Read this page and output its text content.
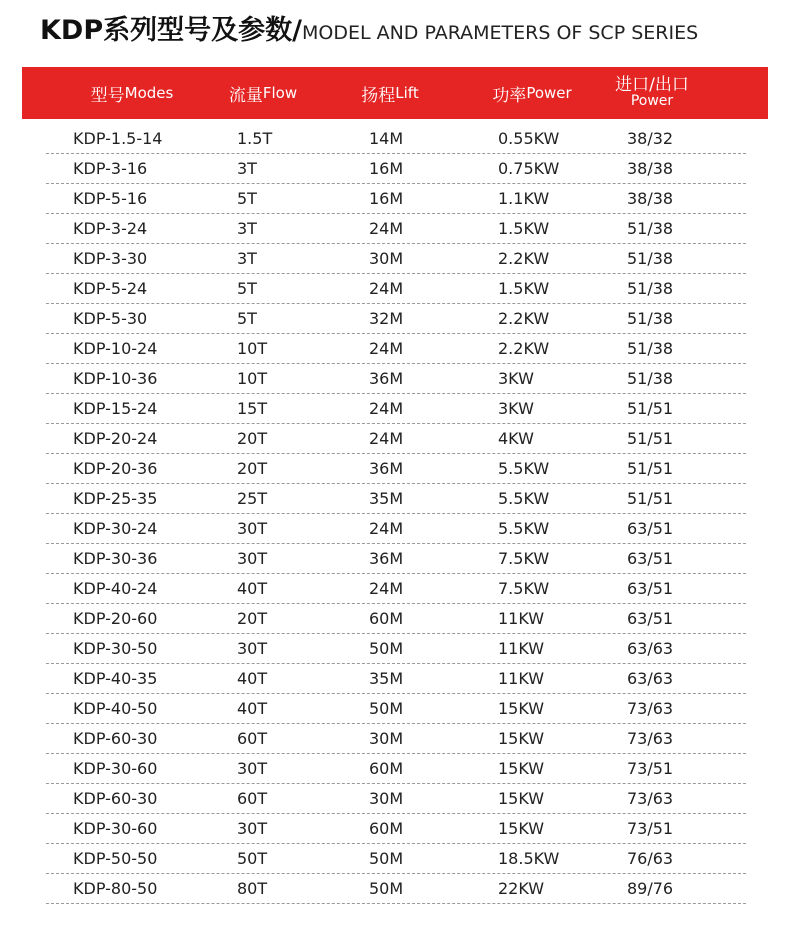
KDP系列型号及参数/ MODEL AND PARAMETERS OF SCP SERIES
型号 Modes	流量 Flow	扬程 Lift	功率 Power	进口/出口
Power
KDP-1.5-14	1.5T	14M	0.55KW	38/32
KDP-3-16	3T	16M	0.75KW	38/38
KDP-5-16	5T	16M	1.1KW	38/38
KDP-3-24	3T	24M	1.5KW	51/38
KDP-3-30	3T	30M	2.2KW	51/38
KDP-5-24	5T	24M	1.5KW	51/38
KDP-5-30	5T	32M	2.2KW	51/38
KDP-10-24	10T	24M	2.2KW	51/38
KDP-10-36	10T	36M	3KW	51/38
KDP-15-24	15T	24M	3KW	51/51
KDP-20-24	20T	24M	4KW	51/51
KDP-20-36	20T	36M	5.5KW	51/51
KDP-25-35	25T	35M	5.5KW	51/51
KDP-30-24	30T	24M	5.5KW	63/51
KDP-30-36	30T	36M	7.5KW	63/51
KDP-40-24	40T	24M	7.5KW	63/51
KDP-20-60	20T	60M	11KW	63/51
KDP-30-50	30T	50M	11KW	63/63
KDP-40-35	40T	35M	11KW	63/63
KDP-40-50	40T	50M	15KW	73/63
KDP-60-30	60T	30M	15KW	73/63
KDP-30-60	30T	60M	15KW	73/51
KDP-60-30	60T	30M	15KW	73/63
KDP-30-60	30T	60M	15KW	73/51
KDP-50-50	50T	50M	18.5KW	76/63
KDP-80-50	80T	50M	22KW	89/76
